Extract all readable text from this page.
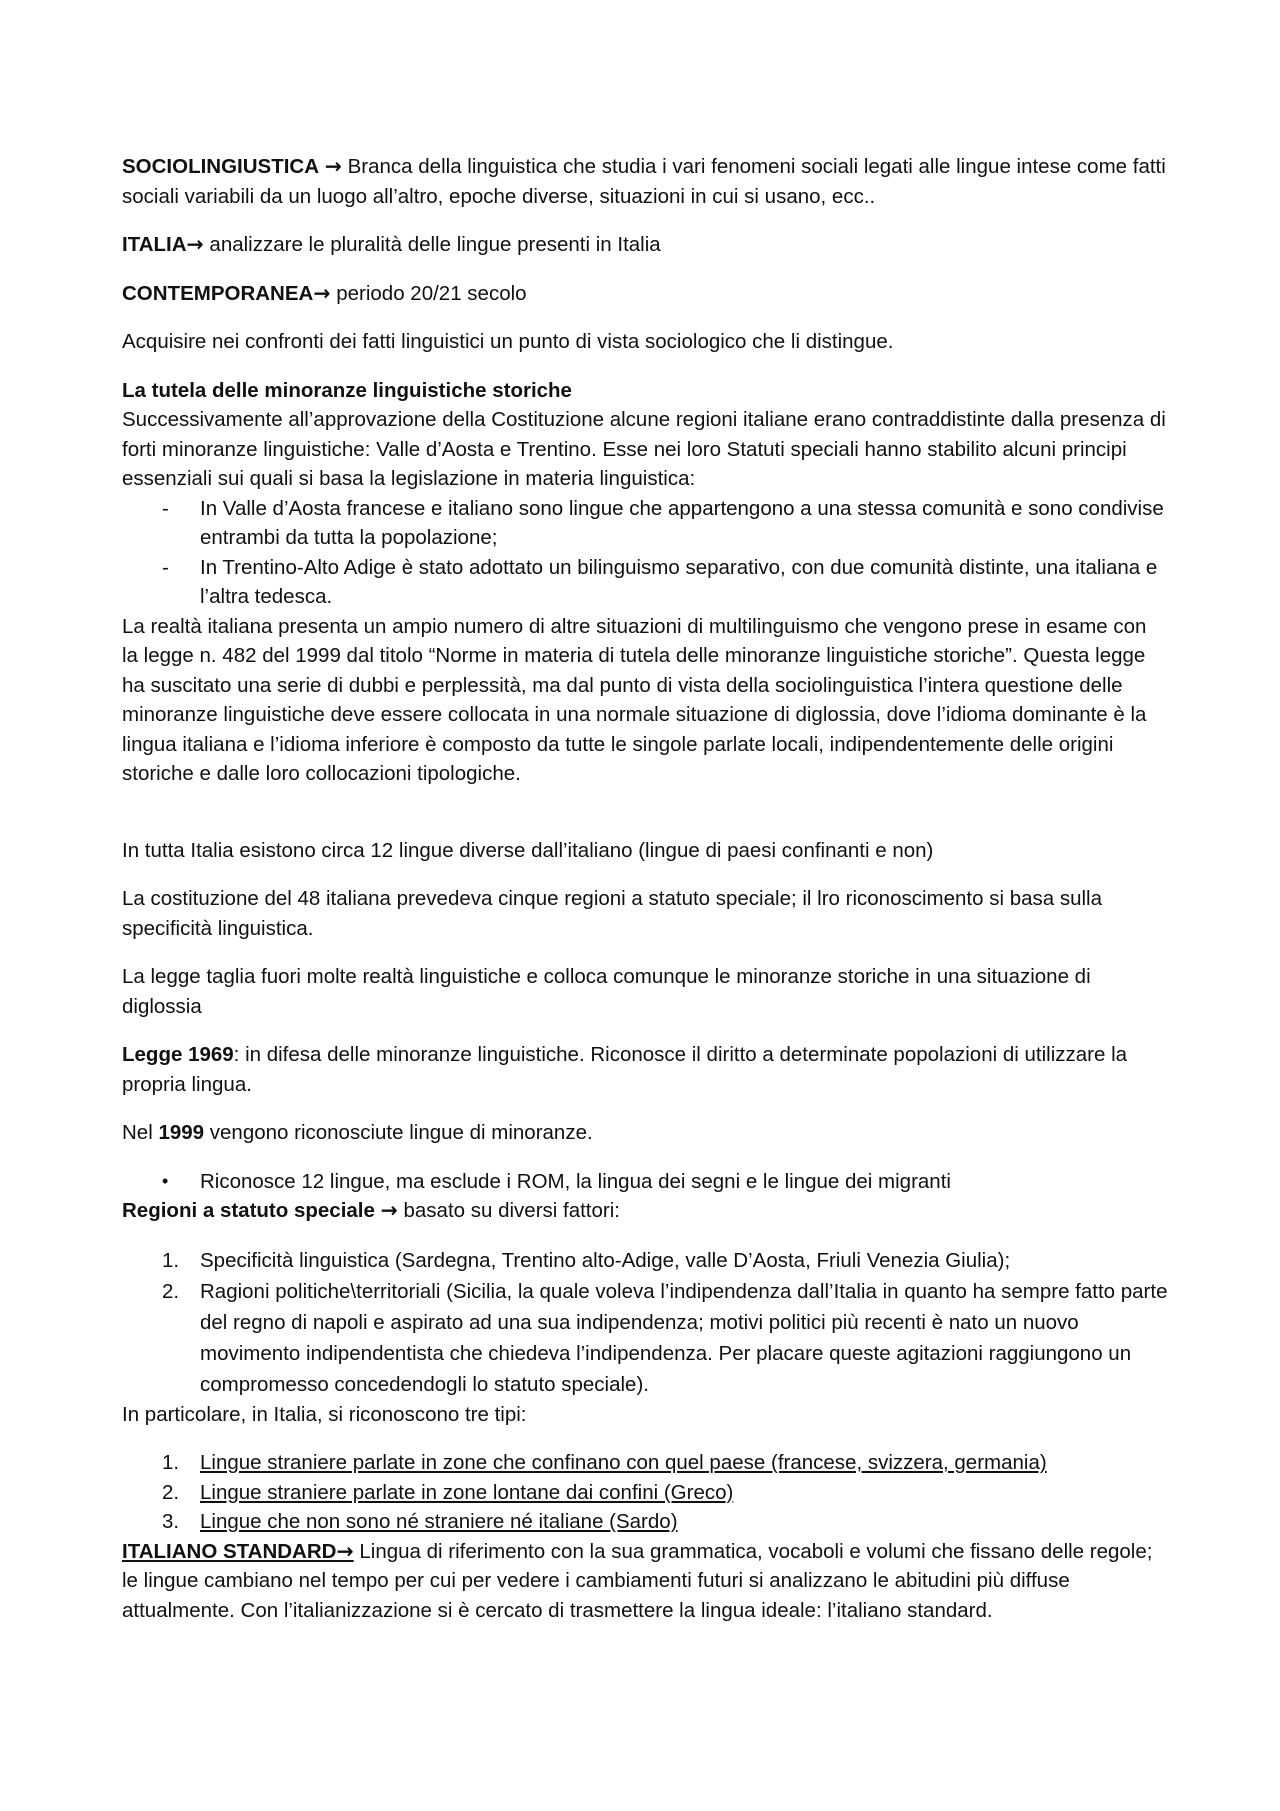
SOCIOLINGIUSTICA → Branca della linguistica che studia i vari fenomeni sociali legati alle lingue intese come fatti sociali variabili da un luogo all’altro, epoche diverse, situazioni in cui si usano, ecc..

ITALIA→ analizzare le pluralità delle lingue presenti in Italia

CONTEMPORANEA→ periodo 20/21 secolo

Acquisire nei confronti dei fatti linguistici un punto di vista sociologico che li distingue.

La tutela delle minoranze linguistiche storiche

Successivamente all’approvazione della Costituzione alcune regioni italiane erano contraddistinte dalla presenza di forti minoranze linguistiche: Valle d’Aosta e Trentino. Esse nei loro Statuti speciali hanno stabilito alcuni principi essenziali sui quali si basa la legislazione in materia linguistica:

- In Valle d’Aosta francese e italiano sono lingue che appartengono a una stessa comunità e sono condivise entrambi da tutta la popolazione;
- In Trentino-Alto Adige è stato adottato un bilinguismo separativo, con due comunità distinte, una italiana e l’altra tedesca.

La realtà italiana presenta un ampio numero di altre situazioni di multilinguismo che vengono prese in esame con la legge n. 482 del 1999 dal titolo “Norme in materia di tutela delle minoranze linguistiche storiche”. Questa legge ha suscitato una serie di dubbi e perplessità, ma dal punto di vista della sociolinguistica l’intera questione delle minoranze linguistiche deve essere collocata in una normale situazione di diglossia, dove l’idioma dominante è la lingua italiana e l’idioma inferiore è composto da tutte le singole parlate locali, indipendentemente delle origini storiche e dalle loro collocazioni tipologiche.

In tutta Italia esistono circa 12 lingue diverse dall’italiano (lingue di paesi confinanti e non)

La costituzione del 48 italiana prevedeva cinque regioni a statuto speciale; il lro riconoscimento si basa sulla specificità linguistica.

La legge taglia fuori molte realtà linguistiche e colloca comunque le minoranze storiche in una situazione di diglossia

Legge 1969: in difesa delle minoranze linguistiche. Riconosce il diritto a determinate popolazioni di utilizzare la propria lingua.

Nel 1999 vengono riconosciute lingue di minoranze.

• Riconosce 12 lingue, ma esclude i ROM, la lingua dei segni e le lingue dei migranti

Regioni a statuto speciale → basato su diversi fattori:

1. Specificità linguistica (Sardegna, Trentino alto-Adige, valle D’Aosta, Friuli Venezia Giulia);
2. Ragioni politiche\territoriali (Sicilia, la quale voleva l’indipendenza dall’Italia in quanto ha sempre fatto parte del regno di napoli e aspirato ad una sua indipendenza; motivi politici più recenti è nato un nuovo movimento indipendentista che chiedeva l’indipendenza. Per placare queste agitazioni raggiungono un compromesso concedendogli lo statuto speciale).

In particolare, in Italia, si riconoscono tre tipi:

1. Lingue straniere parlate in zone che confinano con quel paese (francese, svizzera, germania)
2. Lingue straniere parlate in zone lontane dai confini (Greco)
3. Lingue che non sono né straniere né italiane (Sardo)

ITALIANO STANDARD→ Lingua di riferimento con la sua grammatica, vocaboli e volumi che fissano delle regole; le lingue cambiano nel tempo per cui per vedere i cambiamenti futuri si analizzano le abitudini più diffuse attualmente. Con l’italianizzazione si è cercato di trasmettere la lingua ideale: l’italiano standard.
